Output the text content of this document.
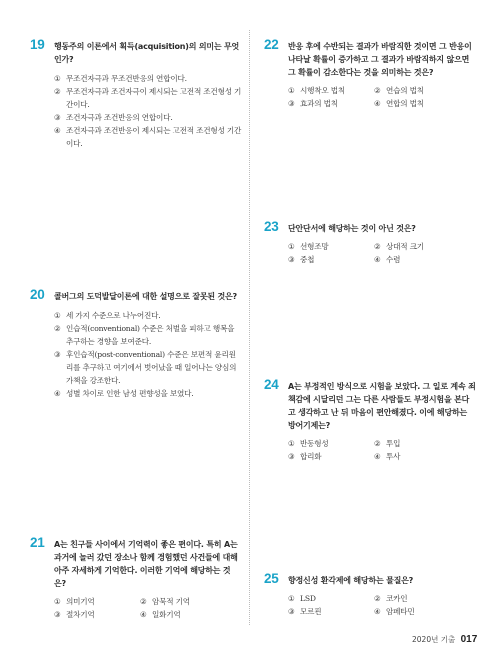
19 행동주의 이론에서 획득(acquisition)의 의미는 무엇인가?
① 무조건자극과 무조건반응의 연합이다.
② 무조건자극과 조건자극이 제시되는 고전적 조건형성 기간이다.
③ 조건자극과 조건반응의 연합이다.
④ 조건자극과 조건반응이 제시되는 고전적 조건형성 기간이다.
20 콜버그의 도덕발달이론에 대한 설명으로 잘못된 것은?
① 세 가지 수준으로 나누어진다.
② 인습적(conventional) 수준은 처벌을 피하고 행복을 추구하는 경향을 보여준다.
③ 후인습적(post-conventional) 수준은 보편적 윤리원리를 추구하고 여기에서 벗어났을 때 일어나는 양심의 가책을 강조한다.
④ 성별 차이로 인한 남성 편향성을 보였다.
21 A는 친구들 사이에서 기억력이 좋은 편이다. 특히 A는 과거에 놀러 갔던 장소나 함께 경험했던 사건들에 대해 아주 자세하게 기억한다. 이러한 기억에 해당하는 것은?
① 의미기억	② 암묵적 기억
③ 절차기억	④ 일화기억
22 반응 후에 수반되는 결과가 바람직한 것이면 그 반응이 나타날 확률이 증가하고 그 결과가 바람직하지 않으면 그 확률이 감소한다는 것을 의미하는 것은?
① 시행착오 법칙	② 연습의 법칙
③ 효과의 법칙	④ 연합의 법칙
23 단안단서에 해당하는 것이 아닌 것은?
① 선형조망	② 상대적 크기
③ 중첩	④ 수렴
24 A는 부정적인 방식으로 시험을 보았다. 그 일로 계속 죄책감에 시달리던 그는 다른 사람들도 부정시험을 본다고 생각하고 난 뒤 마음이 편안해졌다. 이에 해당하는 방어기제는?
① 반동형성	② 투입
③ 합리화	④ 투사
25 향정신성 환각제에 해당하는 물질은?
① LSD	② 코카인
③ 모르핀	④ 암페타민
2020년 기출 017
